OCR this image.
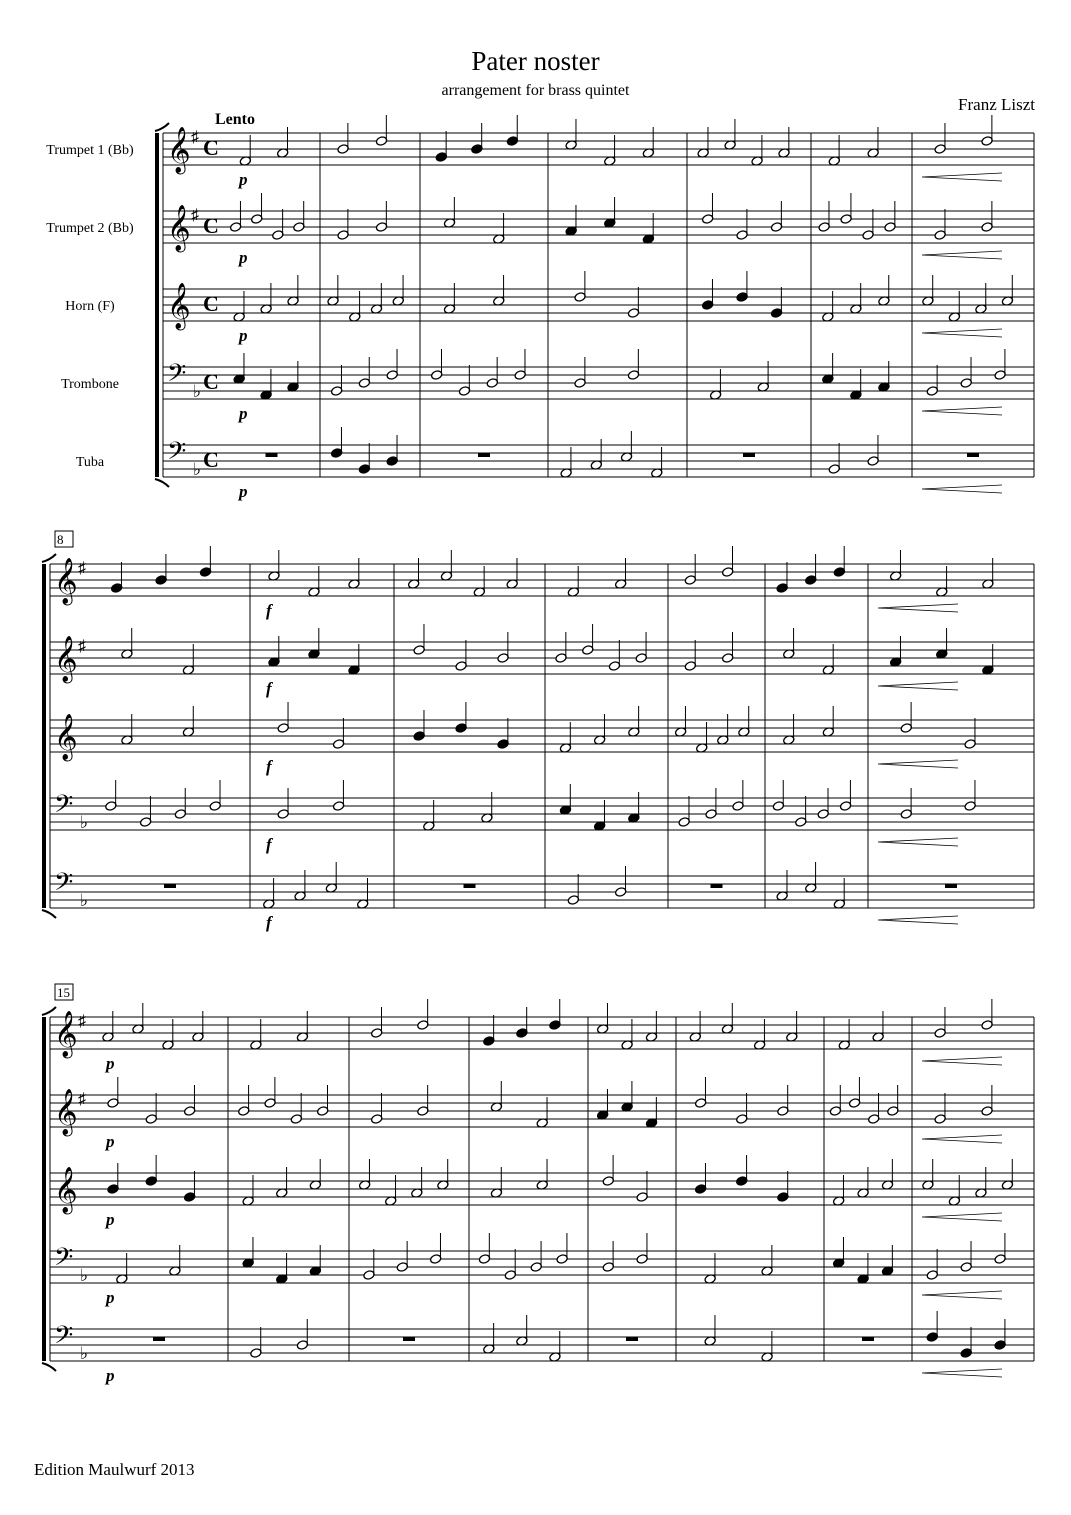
Pater noster
arrangement for brass quintet
Franz Liszt
Edition Maulwurf 2013
Lento
Trumpet 1 (Bb)
Trumpet 2 (Bb)
Horn (F)
Trombone
Tuba
𝄞 ♯ C
𝄞 ♯ C
𝄞 C
𝄢 ♭ C
𝄢 ♭ C
p
p
p
p
p
8
𝄞 ♯
𝄞 ♯
𝄞
𝄢 ♭
𝄢 ♭
f
f
f
f
f
15
𝄞 ♯
𝄞 ♯
𝄞
𝄢 ♭
𝄢 ♭
p
p
p
p
p
